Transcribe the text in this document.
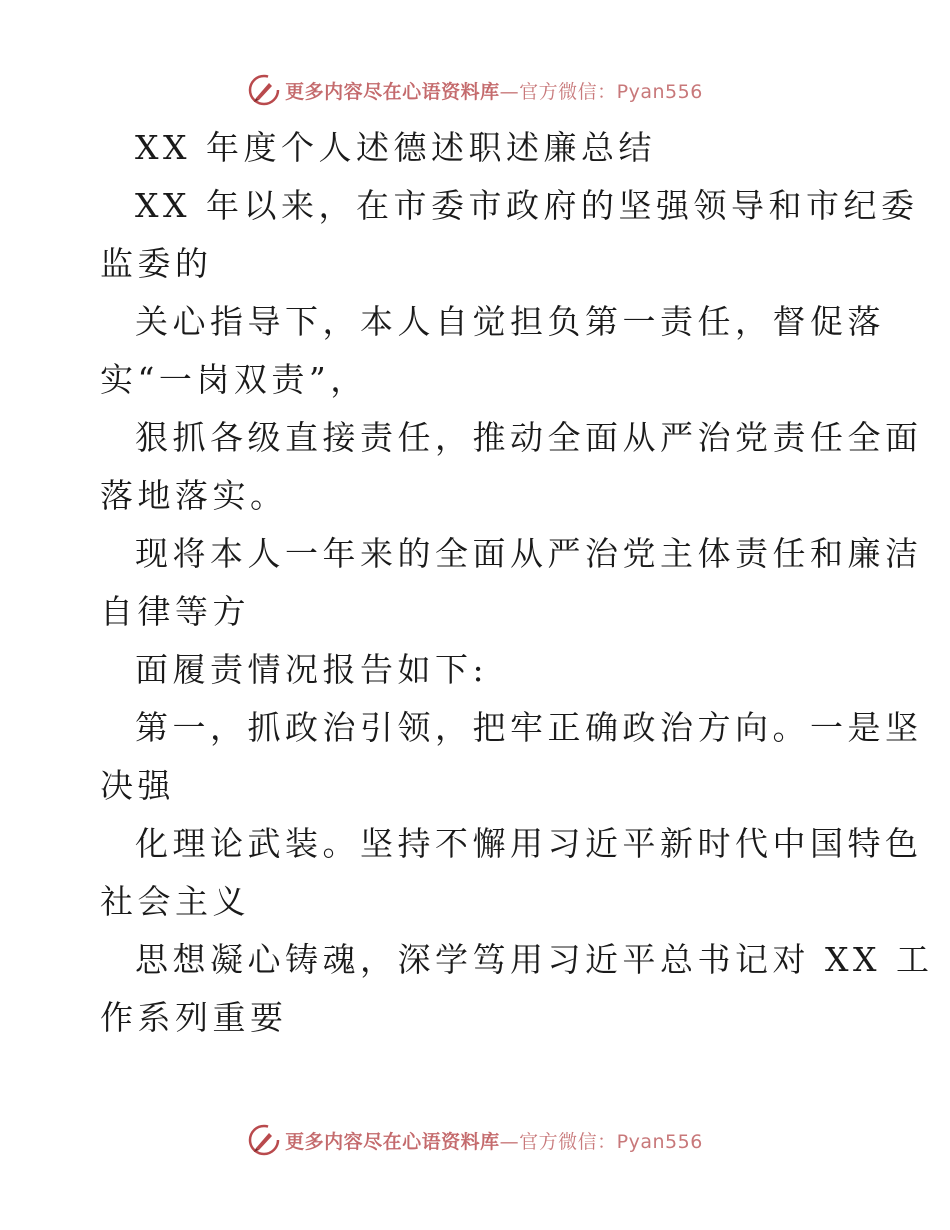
更多内容尽在心语资料库—官方微信：Pyan556
XX 年度个人述德述职述廉总结
XX 年以来，在市委市政府的坚强领导和市纪委
监委的
关心指导下，本人自觉担负第一责任，督促落
实“一岗双责”，
狠抓各级直接责任，推动全面从严治党责任全面
落地落实。
现将本人一年来的全面从严治党主体责任和廉洁
自律等方
面履责情况报告如下:
第一，抓政治引领，把牢正确政治方向。一是坚
决强
化理论武装。坚持不懈用习近平新时代中国特色
社会主义
思想凝心铸魂，深学笃用习近平总书记对 XX 工
作系列重要
更多内容尽在心语资料库—官方微信：Pyan556
